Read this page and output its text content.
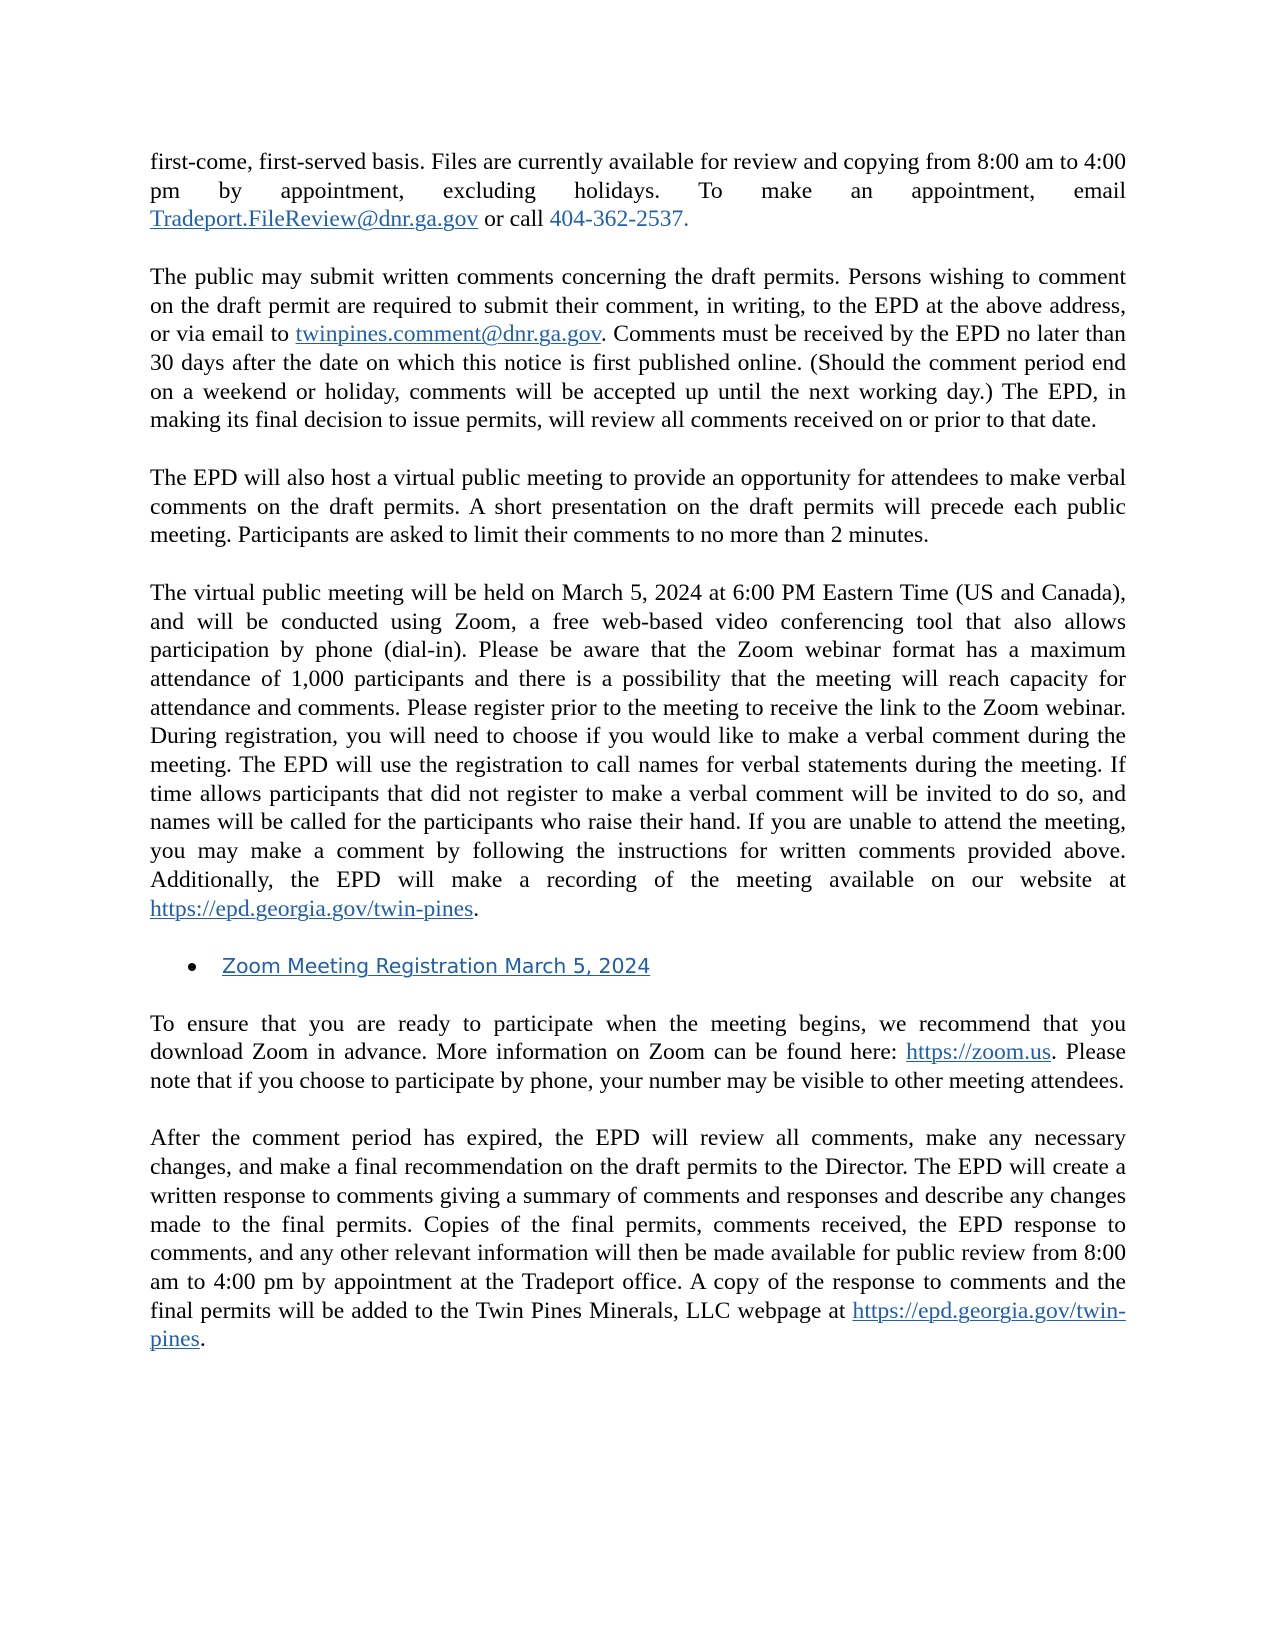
first-come, first-served basis. Files are currently available for review and copying from 8:00 am to 4:00 pm by appointment, excluding holidays. To make an appointment, email Tradeport.FileReview@dnr.ga.gov or call 404-362-2537.

The public may submit written comments concerning the draft permits. Persons wishing to comment on the draft permit are required to submit their comment, in writing, to the EPD at the above address, or via email to twinpines.comment@dnr.ga.gov. Comments must be received by the EPD no later than 30 days after the date on which this notice is first published online. (Should the comment period end on a weekend or holiday, comments will be accepted up until the next working day.) The EPD, in making its final decision to issue permits, will review all comments received on or prior to that date.

The EPD will also host a virtual public meeting to provide an opportunity for attendees to make verbal comments on the draft permits. A short presentation on the draft permits will precede each public meeting. Participants are asked to limit their comments to no more than 2 minutes.

The virtual public meeting will be held on March 5, 2024 at 6:00 PM Eastern Time (US and Canada), and will be conducted using Zoom, a free web-based video conferencing tool that also allows participation by phone (dial-in). Please be aware that the Zoom webinar format has a maximum attendance of 1,000 participants and there is a possibility that the meeting will reach capacity for attendance and comments. Please register prior to the meeting to receive the link to the Zoom webinar. During registration, you will need to choose if you would like to make a verbal comment during the meeting. The EPD will use the registration to call names for verbal statements during the meeting. If time allows participants that did not register to make a verbal comment will be invited to do so, and names will be called for the participants who raise their hand. If you are unable to attend the meeting, you may make a comment by following the instructions for written comments provided above. Additionally, the EPD will make a recording of the meeting available on our website at https://epd.georgia.gov/twin-pines.

Zoom Meeting Registration March 5, 2024

To ensure that you are ready to participate when the meeting begins, we recommend that you download Zoom in advance. More information on Zoom can be found here: https://zoom.us. Please note that if you choose to participate by phone, your number may be visible to other meeting attendees.

After the comment period has expired, the EPD will review all comments, make any necessary changes, and make a final recommendation on the draft permits to the Director. The EPD will create a written response to comments giving a summary of comments and responses and describe any changes made to the final permits. Copies of the final permits, comments received, the EPD response to comments, and any other relevant information will then be made available for public review from 8:00 am to 4:00 pm by appointment at the Tradeport office. A copy of the response to comments and the final permits will be added to the Twin Pines Minerals, LLC webpage at https://epd.georgia.gov/twin-pines.
